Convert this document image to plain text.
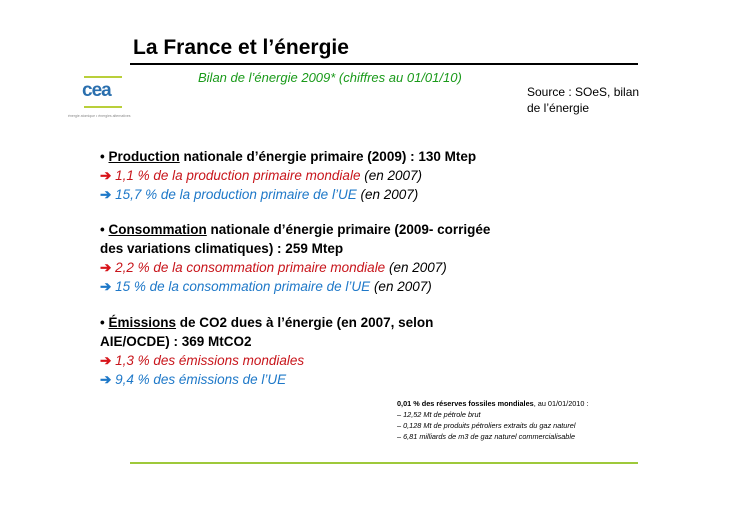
La France et l’énergie
Bilan de l’énergie 2009* (chiffres au 01/01/10)
Source : SOeS, bilan
de l’énergie
cea
énergie atomique • énergies alternatives
• Production nationale d’énergie primaire (2009) : 130 Mtep
➔ 1,1 % de la production primaire mondiale (en 2007)
➔ 15,7 % de la production primaire de l’UE (en 2007)
• Consommation nationale d’énergie primaire (2009- corrigée
des variations climatiques) : 259 Mtep
➔ 2,2 % de la consommation primaire mondiale (en 2007)
➔ 15 % de la consommation primaire de l’UE (en 2007)
• Émissions de CO2 dues à l’énergie (en 2007, selon
AIE/OCDE) : 369 MtCO2
➔ 1,3 % des émissions mondiales
➔ 9,4 % des émissions de l’UE
0,01 % des réserves fossiles mondiales, au 01/01/2010 :
– 12,52 Mt de pétrole brut
– 0,128 Mt de produits pétroliers extraits du gaz naturel
– 6,81 milliards de m3 de gaz naturel commercialisable
